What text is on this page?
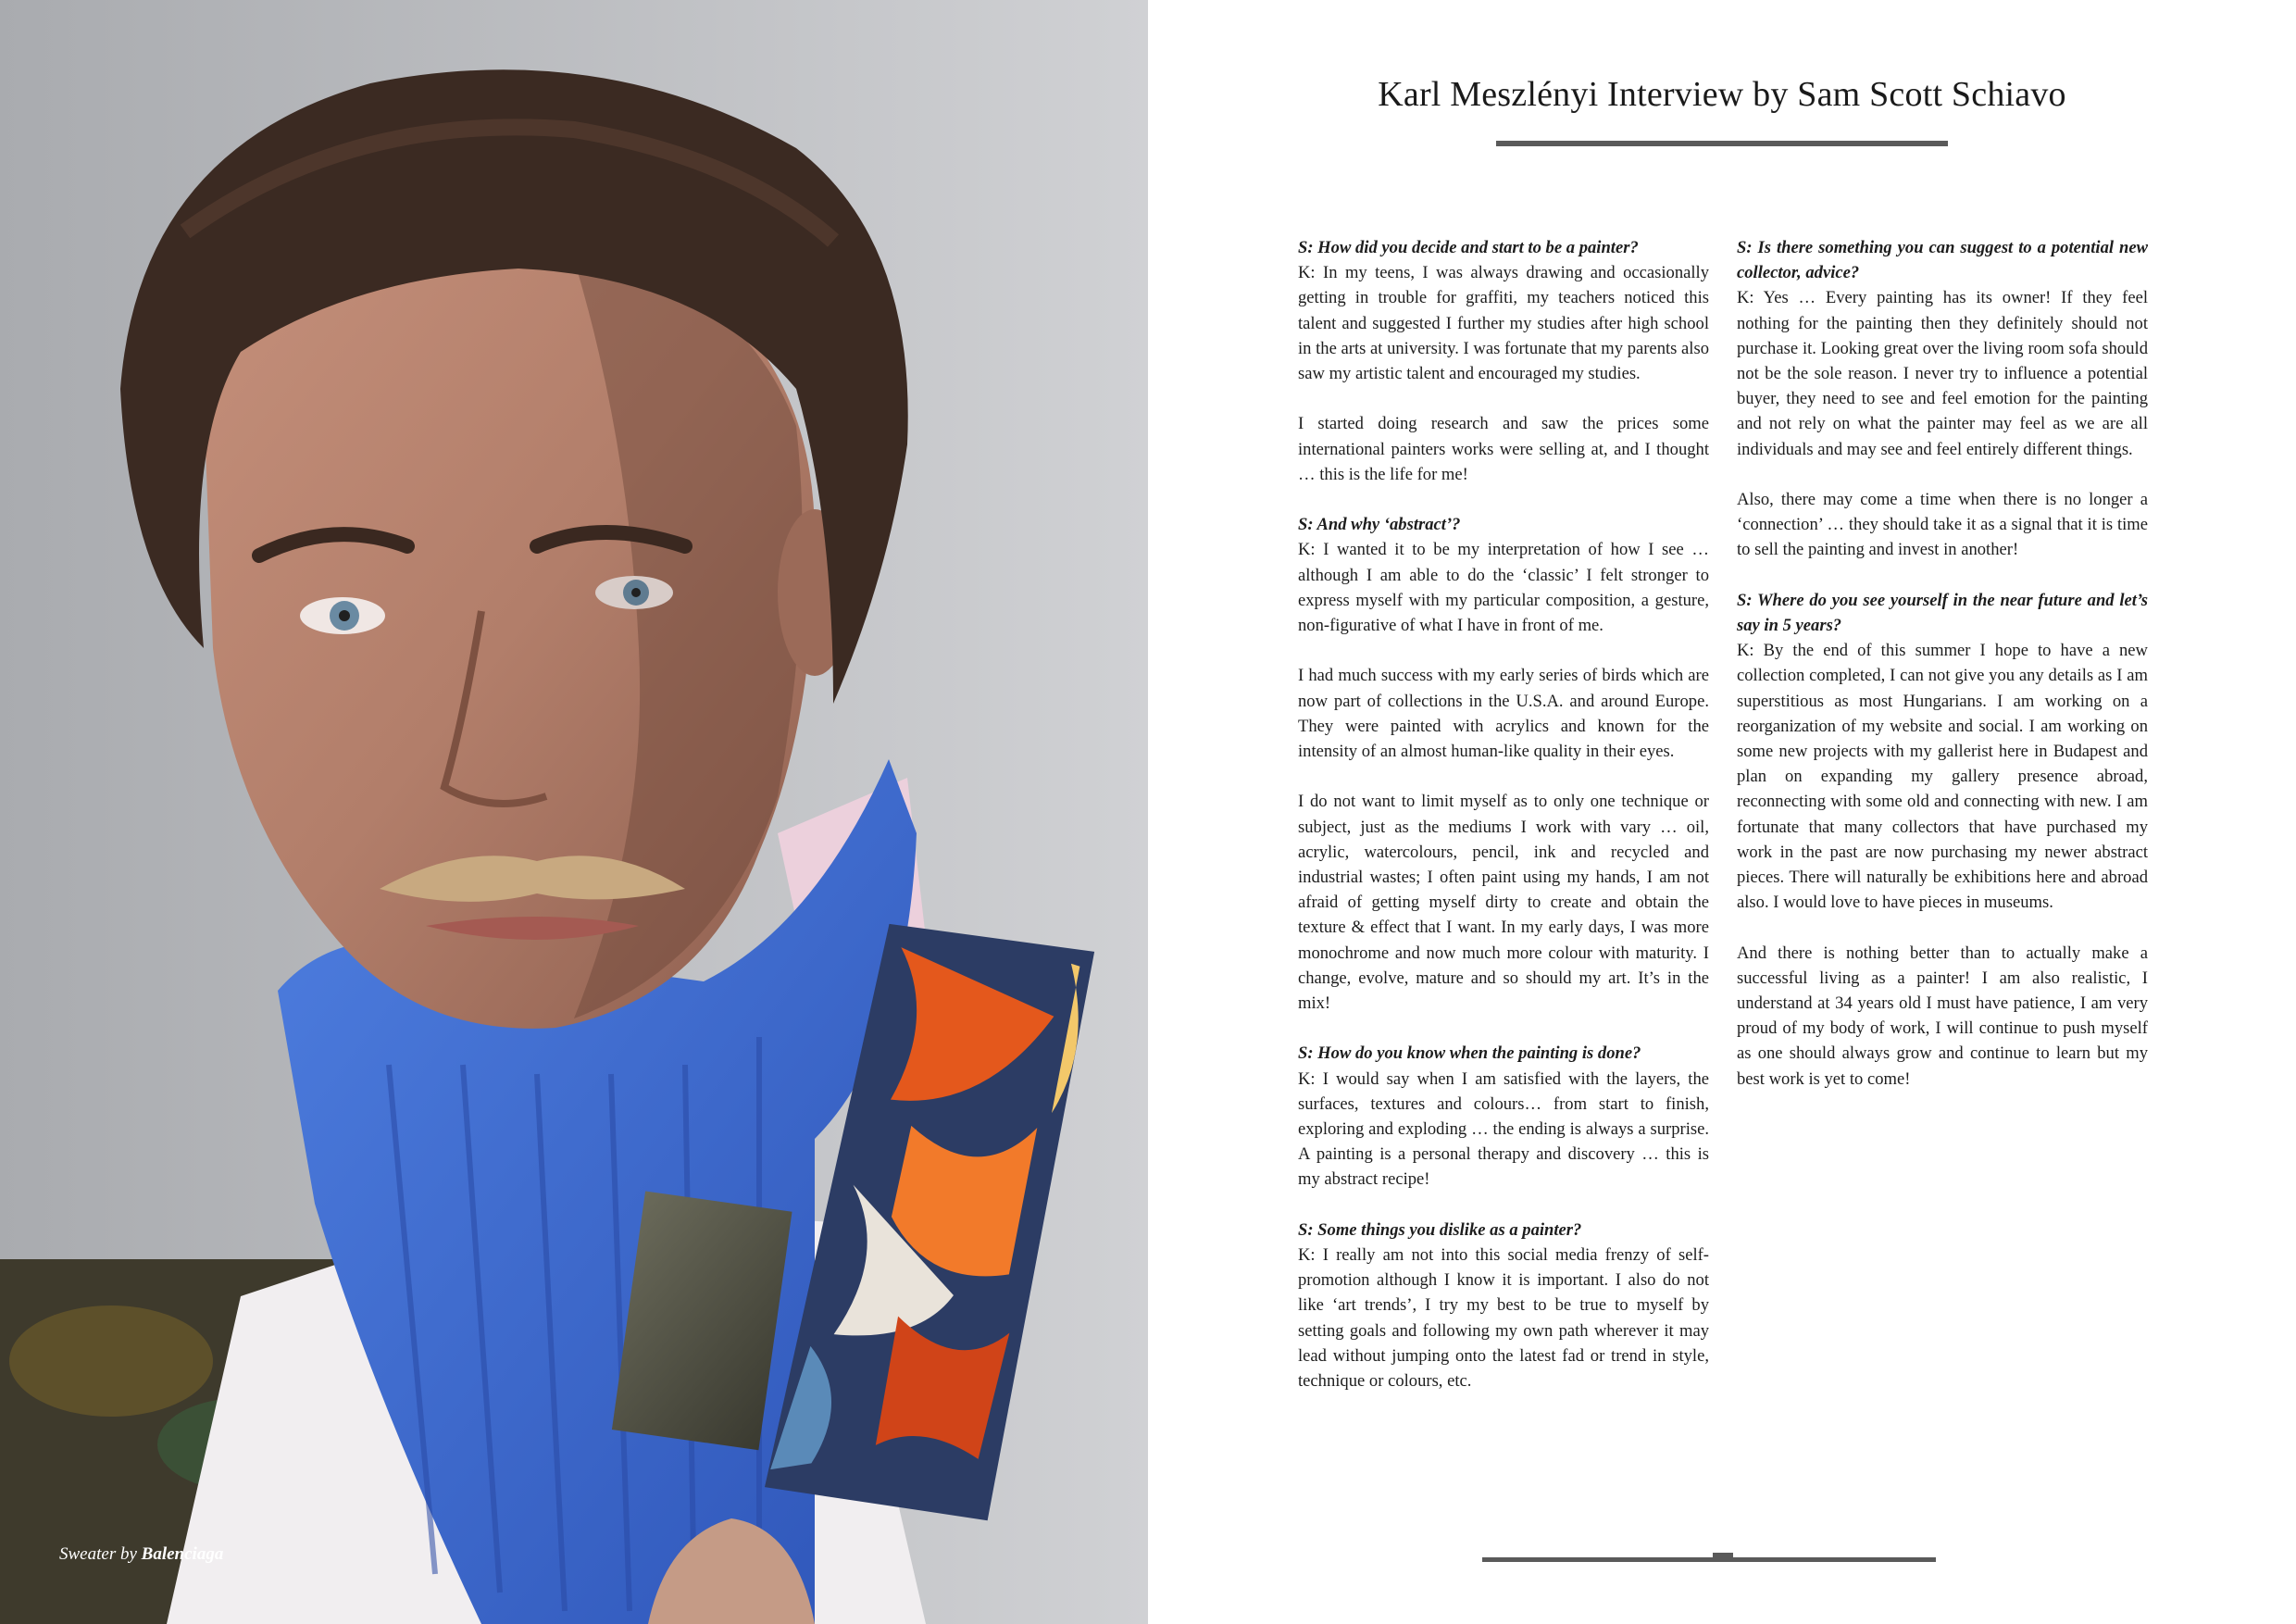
Sweater by Balenciaga
Karl Meszlényi Interview by Sam Scott Schiavo
S: How did you decide and start to be a painter?
K: In my teens, I was always drawing and occasionally getting in trouble for graffiti, my teachers noticed this talent and suggested I further my studies after high school in the arts at university. I was fortunate that my parents also saw my artistic talent and encouraged my studies.
I started doing research and saw the prices some international painters works were selling at, and I thought … this is the life for me!
S: And why ‘abstract’?
K: I wanted it to be my interpretation of how I see … although I am able to do the ‘classic’ I felt stronger to express myself with my particular composition, a gesture, non-figurative of what I have in front of me.
I had much success with my early series of birds which are now part of collections in the U.S.A. and around Europe. They were painted with acrylics and known for the intensity of an almost human-like quality in their eyes.
I do not want to limit myself as to only one technique or subject, just as the mediums I work with vary … oil, acrylic, watercolours, pencil, ink and recycled and industrial wastes; I often paint using my hands, I am not afraid of getting myself dirty to create and obtain the texture & effect that I want. In my early days, I was more monochrome and now much more colour with maturity. I change, evolve, mature and so should my art. It’s in the mix!
S: How do you know when the painting is done?
K: I would say when I am satisfied with the layers, the surfaces, textures and colours… from start to finish, exploring and exploding … the ending is always a surprise. A painting is a personal therapy and discovery … this is my abstract recipe!
S: Some things you dislike as a painter?
K: I really am not into this social media frenzy of self-promotion although I know it is important. I also do not like ‘art trends’, I try my best to be true to myself by setting goals and following my own path wherever it may lead without jumping onto the latest fad or trend in style, technique or colours, etc.
S: Is there something you can suggest to a potential new collector, advice?
K: Yes … Every painting has its owner! If they feel nothing for the painting then they definitely should not purchase it. Looking great over the living room sofa should not be the sole reason. I never try to influence a potential buyer, they need to see and feel emotion for the painting and not rely on what the painter may feel as we are all individuals and may see and feel entirely different things.
Also, there may come a time when there is no longer a ‘connection’ … they should take it as a signal that it is time to sell the painting and invest in another!
S: Where do you see yourself in the near future and let’s say in 5 years?
K: By the end of this summer I hope to have a new collection completed, I can not give you any details as I am superstitious as most Hungarians. I am working on a reorganization of my website and social. I am working on some new projects with my gallerist here in Budapest and plan on expanding my gallery presence abroad, reconnecting with some old and connecting with new. I am fortunate that many collectors that have purchased my work in the past are now purchasing my newer abstract pieces. There will naturally be exhibitions here and abroad also. I would love to have pieces in museums.
And there is nothing better than to actually make a successful living as a painter! I am also realistic, I understand at 34 years old I must have patience, I am very proud of my body of work, I will continue to push myself as one should always grow and continue to learn but my best work is yet to come!
